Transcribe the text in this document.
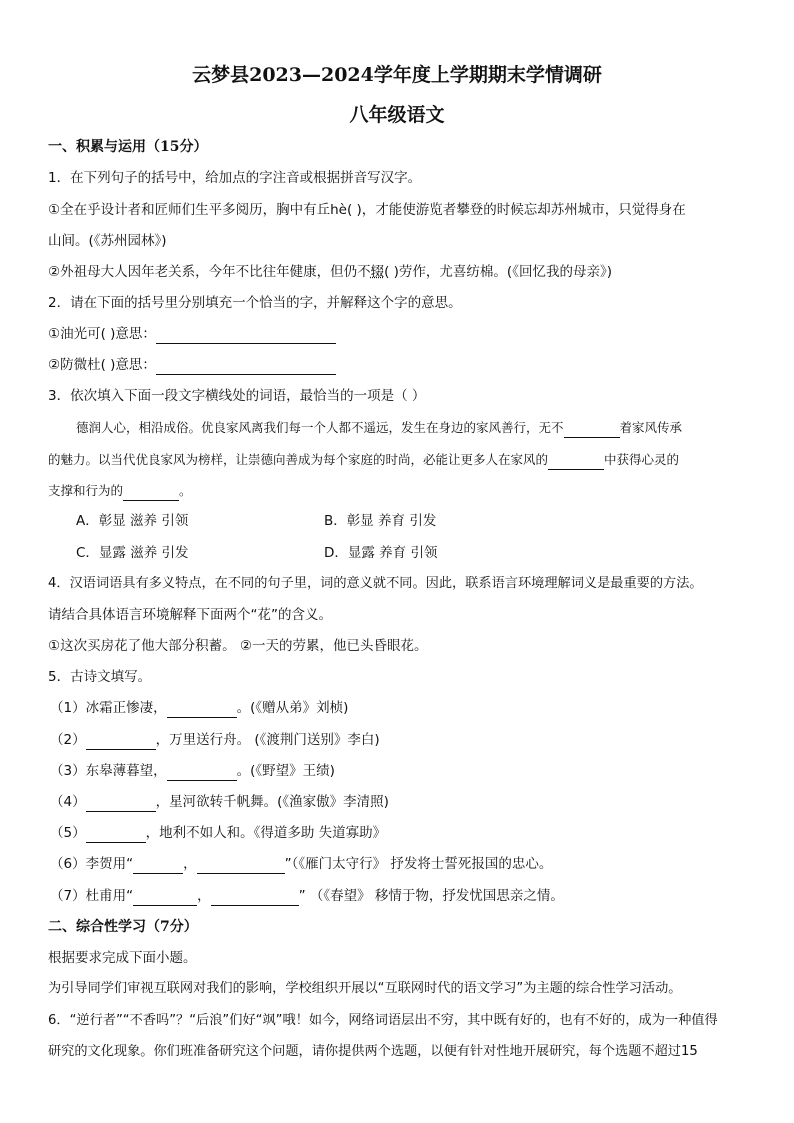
云梦县2023—2024学年度上学期期末学情调研
八年级语文
一、积累与运用（15分）
1．在下列句子的括号中，给加点的字注音或根据拼音写汉字。
①全在乎设计者和匠师们生平多阅历，胸中有丘hè( )，才能使游览者攀登的时候忘却苏州城市，只觉得身在
山间。(《苏州园林》)
②外祖母大人因年老关系，今年不比往年健康，但仍不辍( )劳作，尤喜纺棉。(《回忆我的母亲》)
2．请在下面的括号里分别填充一个恰当的字，并解释这个字的意思。
①油光可( )意思：
②防微杜( )意思：
3．依次填入下面一段文字横线处的词语，最恰当的一项是（ ）
德润人心，相沿成俗。优良家风离我们每一个人都不遥远，发生在身边的家风善行，无不	着家风传承
的魅力。以当代优良家风为榜样，让崇德向善成为每个家庭的时尚，必能让更多人在家风的	中获得心灵的
支撑和行为的	。
A．彰显 滋养 引领	B．彰显 养育 引发
C．显露 滋养 引发	D．显露 养育 引领
4．汉语词语具有多义特点，在不同的句子里，词的意义就不同。因此，联系语言环境理解词义是最重要的方法。
请结合具体语言环境解释下面两个“花”的含义。
①这次买房花了他大部分积蓄。 ②一天的劳累，他已头昏眼花。
5．古诗文填写。
（1）冰霜正惨凄，	。(《赠从弟》刘桢)
（2）	，万里送行舟。 (《渡荆门送别》李白)
（3）东皋薄暮望，	。(《野望》王绩)
（4）	，星河欲转千帆舞。(《渔家傲》李清照)
（5）	，地利不如人和。《得道多助 失道寡助》
（6）李贺用“	，	”（《雁门太守行》 抒发将士誓死报国的忠心。
（7）杜甫用“	，	” （《春望》 移情于物，抒发忧国思亲之情。
二、综合性学习（7分）
根据要求完成下面小题。
为引导同学们审视互联网对我们的影响，学校组织开展以“互联网时代的语文学习”为主题的综合性学习活动。
6．“逆行者”“不香吗”？“后浪”们好“飒”哦！如今，网络词语层出不穷，其中既有好的，也有不好的，成为一种值得
研究的文化现象。你们班准备研究这个问题，请你提供两个选题，以便有针对性地开展研究，每个选题不超过15
